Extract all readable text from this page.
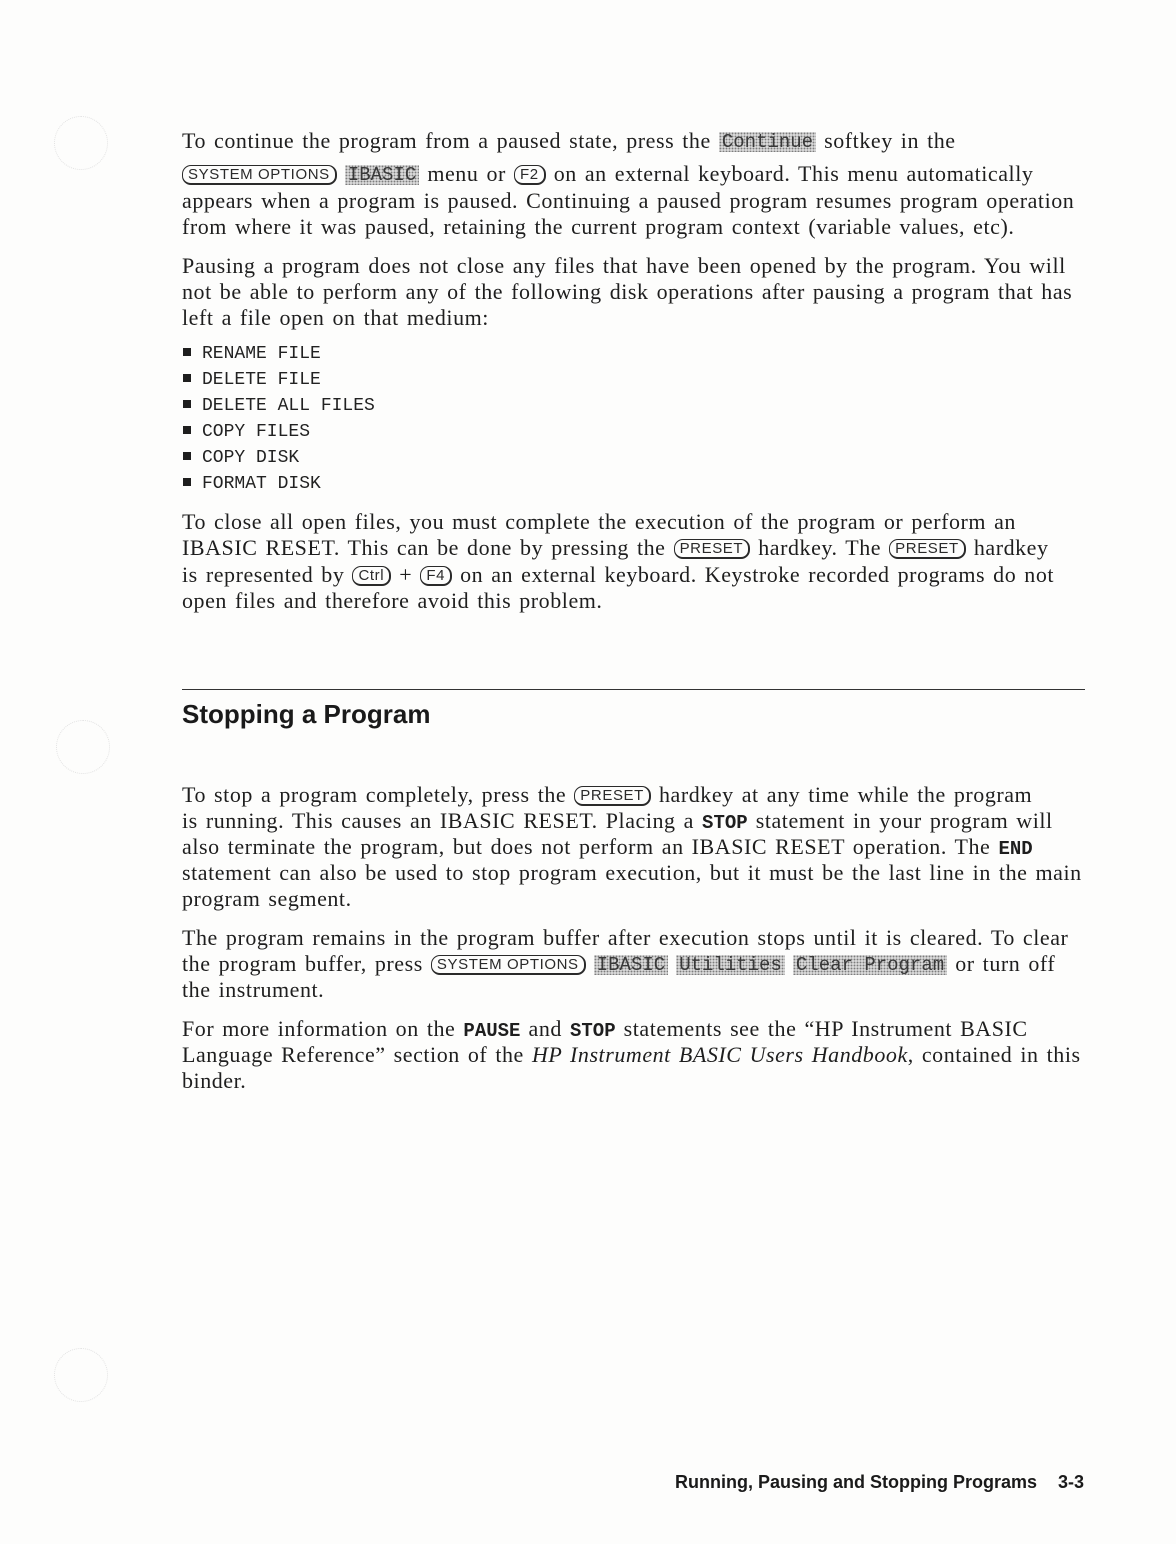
To continue the program from a paused state, press the Continue softkey in the
SYSTEM OPTIONS IBASIC menu or F2 on an external keyboard. This menu automatically
appears when a program is paused. Continuing a paused program resumes program operation
from where it was paused, retaining the current program context (variable values, etc).
Pausing a program does not close any files that have been opened by the program. You will
not be able to perform any of the following disk operations after pausing a program that has
left a file open on that medium:
RENAME FILE
DELETE FILE
DELETE ALL FILES
COPY FILES
COPY DISK
FORMAT DISK
To close all open files, you must complete the execution of the program or perform an
IBASIC RESET. This can be done by pressing the PRESET hardkey. The PRESET hardkey
is represented by Ctrl + F4 on an external keyboard. Keystroke recorded programs do not
open files and therefore avoid this problem.
Stopping a Program
To stop a program completely, press the PRESET hardkey at any time while the program
is running. This causes an IBASIC RESET. Placing a STOP statement in your program will
also terminate the program, but does not perform an IBASIC RESET operation. The END
statement can also be used to stop program execution, but it must be the last line in the main
program segment.
The program remains in the program buffer after execution stops until it is cleared. To clear
the program buffer, press SYSTEM OPTIONS IBASIC Utilities Clear Program or turn off
the instrument.
For more information on the PAUSE and STOP statements see the “HP Instrument BASIC
Language Reference” section of the HP Instrument BASIC Users Handbook, contained in this
binder.
Running, Pausing and Stopping Programs 3-3
